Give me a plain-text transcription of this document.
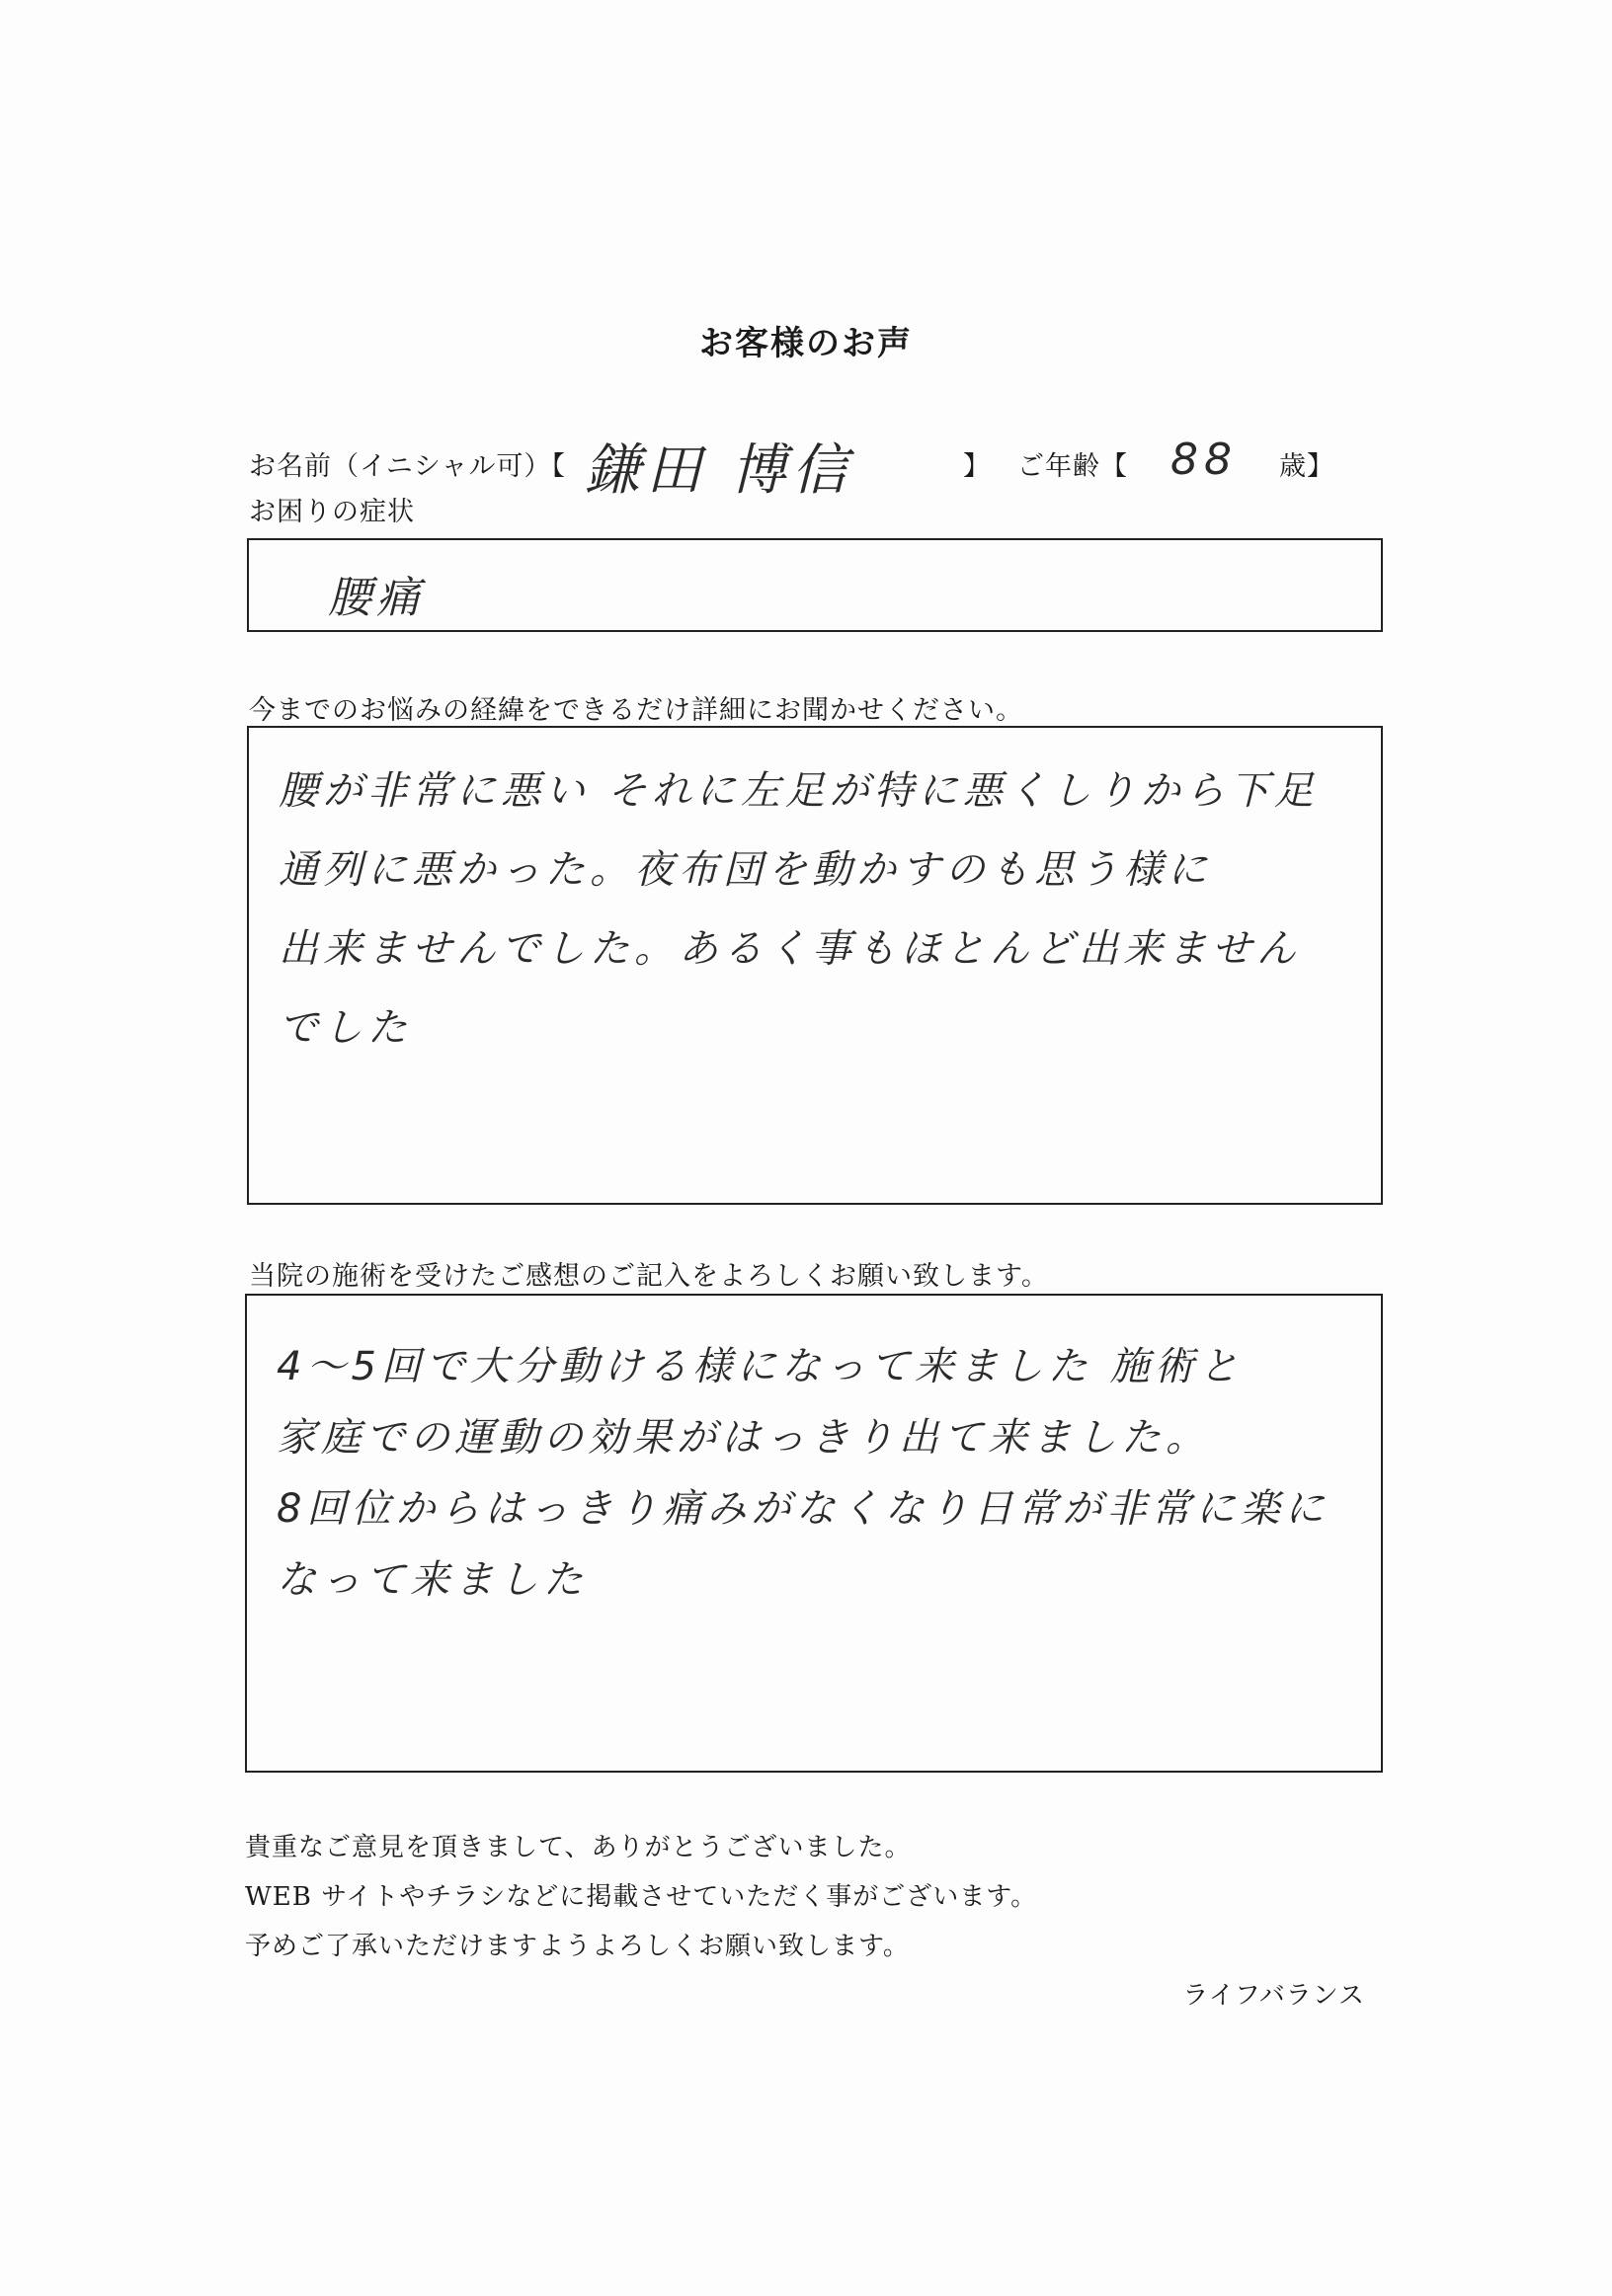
お客様のお声
お名前（イニシャル可）【 鎌田 博信	】 ご年齢【 88 歳】
お困りの症状
腰痛
今までのお悩みの経緯をできるだけ詳細にお聞かせください。
腰が非常に悪い それに左足が特に悪くしりから下足
通列に悪かった。夜布団を動かすのも思う様に
出来ませんでした。あるく事もほとんど出来ません
でした
当院の施術を受けたご感想のご記入をよろしくお願い致します。
4〜5回で大分動ける様になって来ました 施術と
家庭での運動の効果がはっきり出て来ました。
8回位からはっきり痛みがなくなり日常が非常に楽に
なって来ました
貴重なご意見を頂きまして、ありがとうございました。
WEB サイトやチラシなどに掲載させていただく事がございます。
予めご了承いただけますようよろしくお願い致します。
ライフバランス
